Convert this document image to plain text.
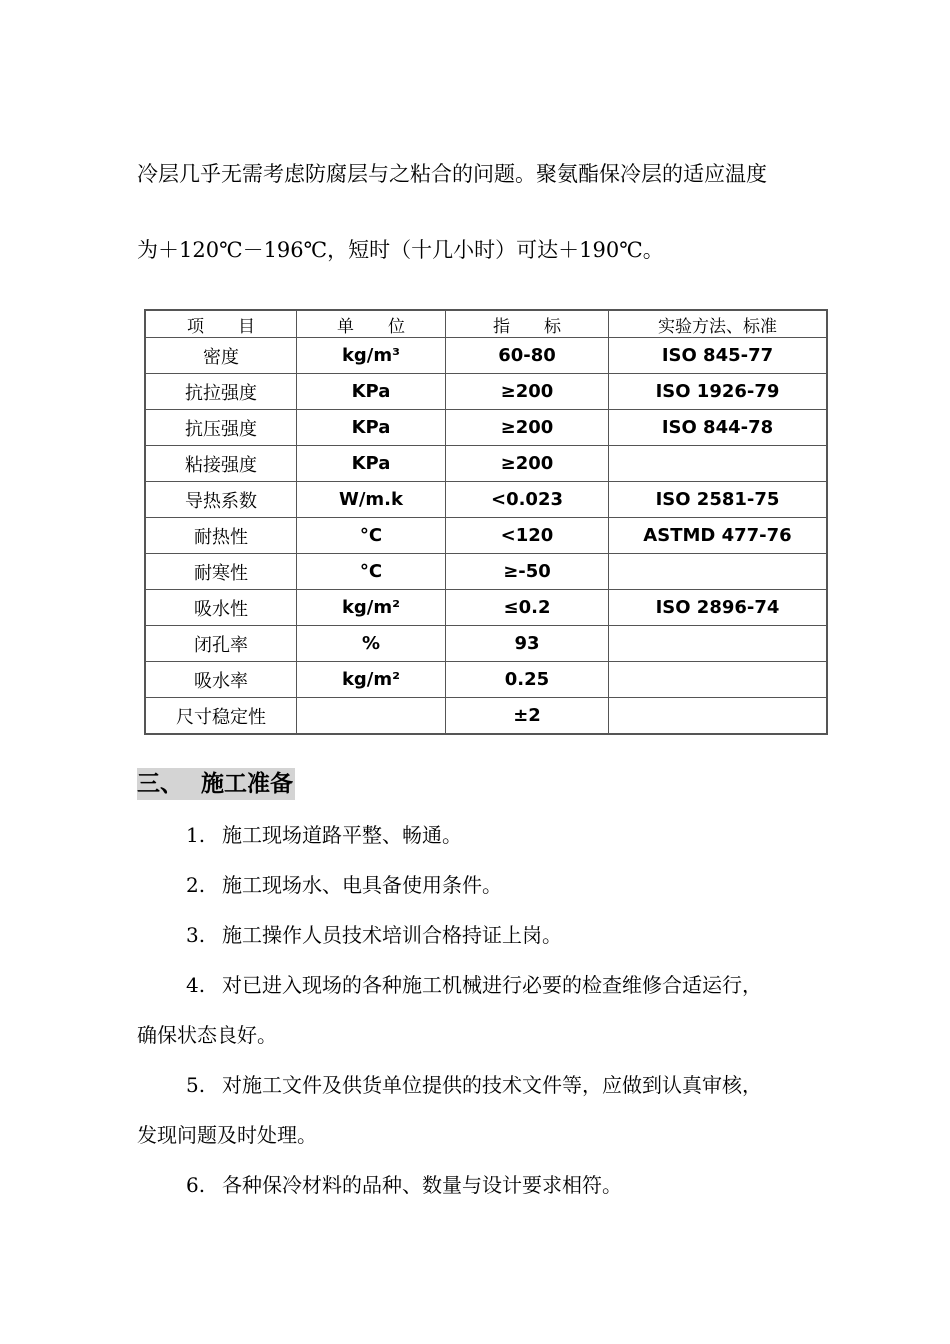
冷层几乎无需考虑防腐层与之粘合的问题。聚氨酯保冷层的适应温度
为＋120℃－196℃，短时（十几小时）可达＋190℃。
项　　目	单　　位	指　　标	实验方法、标准
密度	kg/m³	60-80	ISO 845-77
抗拉强度	KPa	≥200	ISO 1926-79
抗压强度	KPa	≥200	ISO 844-78
粘接强度	KPa	≥200	
导热系数	W/m.k	<0.023	ISO 2581-75
耐热性	°C	<120	ASTMD 477-76
耐寒性	°C	≥-50	
吸水性	kg/m²	≤0.2	ISO 2896-74
闭孔率	%	93	
吸水率	kg/m²	0.25	
尺寸稳定性		±2	
三、 施工准备
1. 施工现场道路平整、畅通。
2. 施工现场水、电具备使用条件。
3. 施工操作人员技术培训合格持证上岗。
4. 对已进入现场的各种施工机械进行必要的检查维修合适运行，
确保状态良好。
5. 对施工文件及供货单位提供的技术文件等，应做到认真审核，
发现问题及时处理。
6. 各种保冷材料的品种、数量与设计要求相符。
